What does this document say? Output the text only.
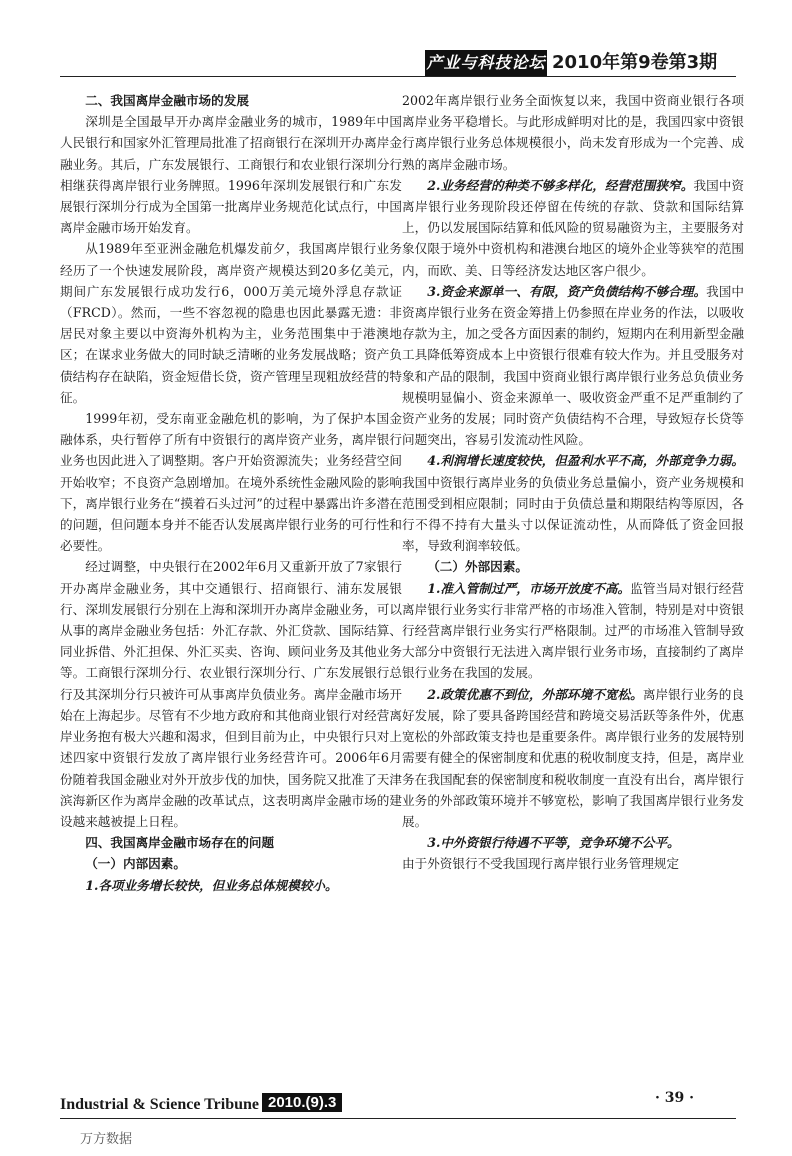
产业与科技论坛 2010年第9卷第3期
二、我国离岸金融市场的发展

深圳是全国最早开办离岸金融业务的城市，1989年中国人民银行和国家外汇管理局批准了招商银行在深圳开办离岸金融业务。其后，广东发展银行、工商银行和农业银行深圳分行相继获得离岸银行业务牌照。1996年深圳发展银行和广东发展银行深圳分行成为全国第一批离岸业务规范化试点行，中国离岸金融市场开始发育。

从1989年至亚洲金融危机爆发前夕，我国离岸银行业务经历了一个快速发展阶段，离岸资产规模达到20多亿美元，期间广东发展银行成功发行6，000万美元境外浮息存款证（FRCD）。然而，一些不容忽视的隐患也因此暴露无遗：非居民对象主要以中资海外机构为主，业务范围集中于港澳地区；在谋求业务做大的同时缺乏清晰的业务发展战略；资产负债结构存在缺陷，资金短借长贷，资产管理呈现粗放经营的特征。

1999年初，受东南亚金融危机的影响，为了保护本国金融体系，央行暂停了所有中资银行的离岸资产业务，离岸银行业务也因此进入了调整期。客户开始资源流失；业务经营空间开始收窄；不良资产急剧增加。在境外系统性金融风险的影响下，离岸银行业务在“摸着石头过河”的过程中暴露出许多潜在的问题，但问题本身并不能否认发展离岸银行业务的可行性和必要性。

经过调整，中央银行在2002年6月又重新开放了7家银行开办离岸金融业务，其中交通银行、招商银行、浦东发展银行、深圳发展银行分别在上海和深圳开办离岸金融业务，可以从事的离岸金融业务包括：外汇存款、外汇贷款、国际结算、同业拆借、外汇担保、外汇买卖、咨询、顾问业务及其他业务等。工商银行深圳分行、农业银行深圳分行、广东发展银行总行及其深圳分行只被许可从事离岸负债业务。离岸金融市场开始在上海起步。尽管有不少地方政府和其他商业银行对经营离岸业务抱有极大兴趣和渴求，但到目前为止，中央银行只对上述四家中资银行发放了离岸银行业务经营许可。2006年6月份随着我国金融业对外开放步伐的加快，国务院又批准了天津滨海新区作为离岸金融的改革试点，这表明离岸金融市场的建设越来越被提上日程。

四、我国离岸金融市场存在的问题
（一）内部因素。

1.各项业务增长较快，但业务总体规模较小。

2002年离岸银行业务全面恢复以来，我国中资商业银行各项离岸业务平稳增长。与此形成鲜明对比的是，我国四家中资银行离岸银行业务总体规模很小，尚未发育形成为一个完善、成熟的离岸金融市场。

2.业务经营的种类不够多样化，经营范围狭窄。我国中资离岸银行业务现阶段还停留在传统的存款、贷款和国际结算上，仍以发展国际结算和低风险的贸易融资为主，主要服务对象仅限于境外中资机构和港澳台地区的境外企业等狭窄的范围内，而欧、美、日等经济发达地区客户很少。

3.资金来源单一、有限，资产负债结构不够合理。我国中资离岸银行业务在资金筹措上仍参照在岸业务的作法，以吸收存款为主，加之受各方面因素的制约，短期内在利用新型金融工具降低筹资成本上中资银行很难有较大作为。并且受服务对象和产品的限制，我国中资商业银行离岸银行业务总负债业务规模明显偏小、资金来源单一、吸收资金严重不足严重制约了资产业务的发展；同时资产负债结构不合理，导致短存长贷等问题突出，容易引发流动性风险。

4.利润增长速度较快，但盈利水平不高，外部竞争力弱。我国中资银行离岸业务的负债业务总量偏小，资产业务规模和范围受到相应限制；同时由于负债总量和期限结构等原因，各行不得不持有大量头寸以保证流动性，从而降低了资金回报率，导致利润率较低。

（二）外部因素。

1.准入管制过严，市场开放度不高。监管当局对银行经营离岸银行业务实行非常严格的市场准入管制，特别是对中资银行经营离岸银行业务实行严格限制。过严的市场准入管制导致大部分中资银行无法进入离岸银行业务市场，直接制约了离岸银行业务在我国的发展。

2.政策优惠不到位，外部环境不宽松。离岸银行业务的良好发展，除了要具备跨国经营和跨境交易活跃等条件外，优惠宽松的外部政策支持也是重要条件。离岸银行业务的发展特别需要有健全的保密制度和优惠的税收制度支持，但是，离岸业务在我国配套的保密制度和税收制度一直没有出台，离岸银行业务的外部政策环境并不够宽松，影响了我国离岸银行业务发展。

3.中外资银行待遇不平等，竞争环境不公平。

由于外资银行不受我国现行离岸银行业务管理规定

Industrial & Science Tribune 2010.(9).3	· 39 ·
万方数据
